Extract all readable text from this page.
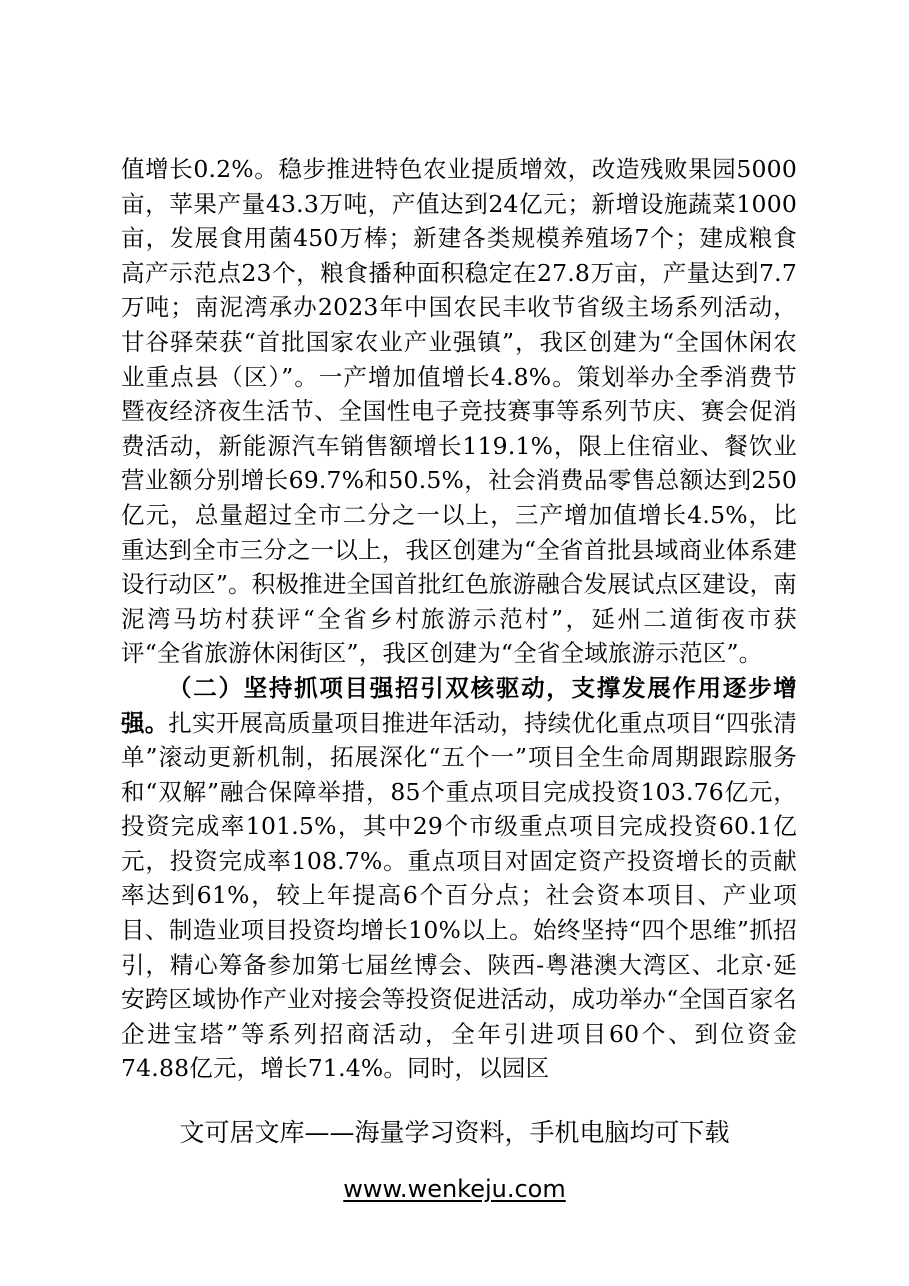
值增长0.2%。稳步推进特色农业提质增效，改造残败果园5000亩，苹果产量43.3万吨，产值达到24亿元；新增设施蔬菜1000亩，发展食用菌450万棒；新建各类规模养殖场7个；建成粮食高产示范点23个，粮食播种面积稳定在27.8万亩，产量达到7.7万吨；南泥湾承办2023年中国农民丰收节省级主场系列活动，甘谷驿荣获“首批国家农业产业强镇”，我区创建为“全国休闲农业重点县（区）”。一产增加值增长4.8%。策划举办全季消费节暨夜经济夜生活节、全国性电子竞技赛事等系列节庆、赛会促消费活动，新能源汽车销售额增长119.1%，限上住宿业、餐饮业营业额分别增长69.7%和50.5%，社会消费品零售总额达到250亿元，总量超过全市二分之一以上，三产增加值增长4.5%，比重达到全市三分之一以上，我区创建为“全省首批县域商业体系建设行动区”。积极推进全国首批红色旅游融合发展试点区建设，南泥湾马坊村获评“全省乡村旅游示范村”，延州二道街夜市获评“全省旅游休闲街区”，我区创建为“全省全域旅游示范区”。

（二）坚持抓项目强招引双核驱动，支撑发展作用逐步增强。扎实开展高质量项目推进年活动，持续优化重点项目“四张清单”滚动更新机制，拓展深化“五个一”项目全生命周期跟踪服务和“双解”融合保障举措，85个重点项目完成投资103.76亿元，投资完成率101.5%，其中29个市级重点项目完成投资60.1亿元，投资完成率108.7%。重点项目对固定资产投资增长的贡献率达到61%，较上年提高6个百分点；社会资本项目、产业项目、制造业项目投资均增长10%以上。始终坚持“四个思维”抓招引，精心筹备参加第七届丝博会、陕西-粤港澳大湾区、北京·延安跨区域协作产业对接会等投资促进活动，成功举办“全国百家名企进宝塔”等系列招商活动，全年引进项目60个、到位资金74.88亿元，增长71.4%。同时，以园区

文可居文库——海量学习资料，手机电脑均可下载
www.wenkeju.com
